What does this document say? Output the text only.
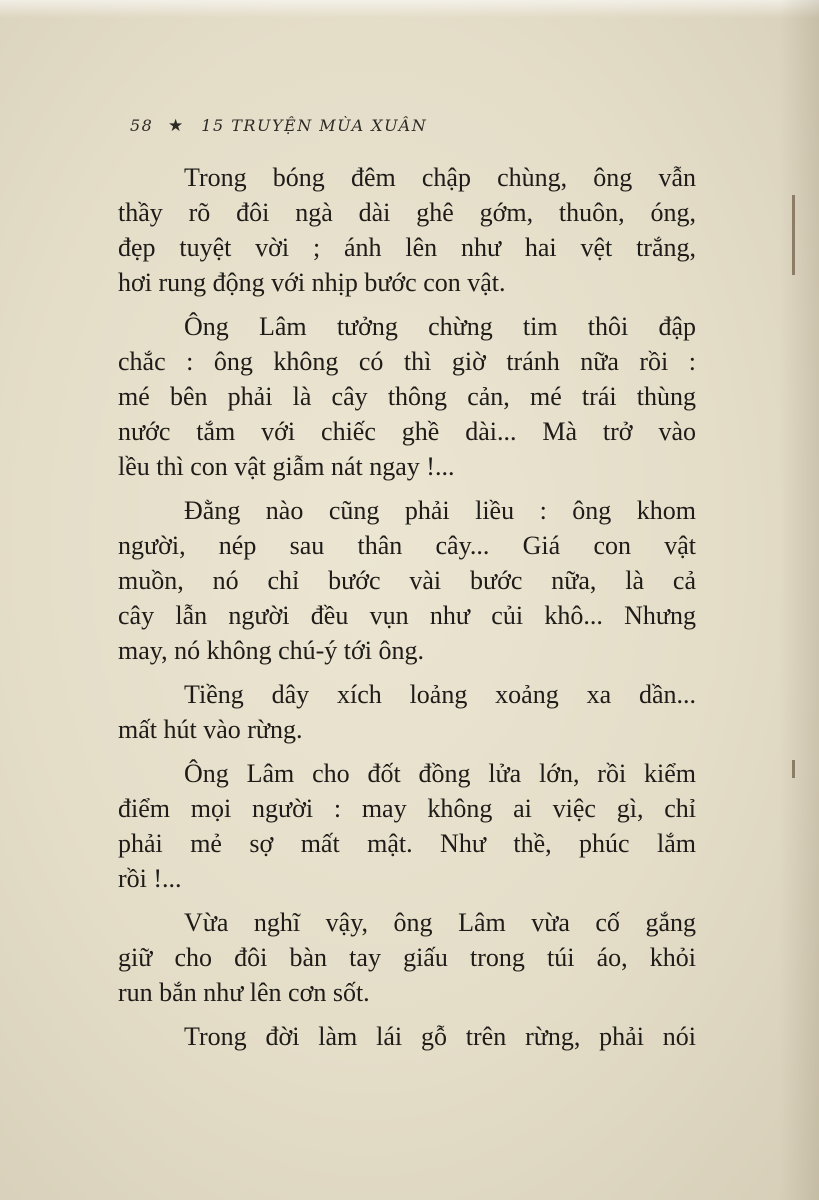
58 ★ 15 TRUYỆN MÙA XUÂN
Trong bóng đêm chập chùng, ông vẫn
thầy rõ đôi ngà dài ghê gớm, thuôn, óng,
đẹp tuyệt vời ; ánh lên như hai vệt trắng,
hơi rung động với nhịp bước con vật.
Ông Lâm tưởng chừng tim thôi đập
chắc : ông không có thì giờ tránh nữa rồi :
mé bên phải là cây thông cản, mé trái thùng
nước tắm với chiếc ghề dài... Mà trở vào
lều thì con vật giẫm nát ngay !...
Đằng nào cũng phải liều : ông khom
người, nép sau thân cây... Giá con vật
muồn, nó chỉ bước vài bước nữa, là cả
cây lẫn người đều vụn như củi khô... Nhưng
may, nó không chú-ý tới ông.
Tiềng dây xích loảng xoảng xa dần...
mất hút vào rừng.
Ông Lâm cho đốt đồng lửa lớn, rồi kiểm
điểm mọi người : may không ai việc gì, chỉ
phải mẻ sợ mất mật. Như thề, phúc lắm
rồi !...
Vừa nghĩ vậy, ông Lâm vừa cố gắng
giữ cho đôi bàn tay giấu trong túi áo, khỏi
run bắn như lên cơn sốt.
Trong đời làm lái gỗ trên rừng, phải nói
